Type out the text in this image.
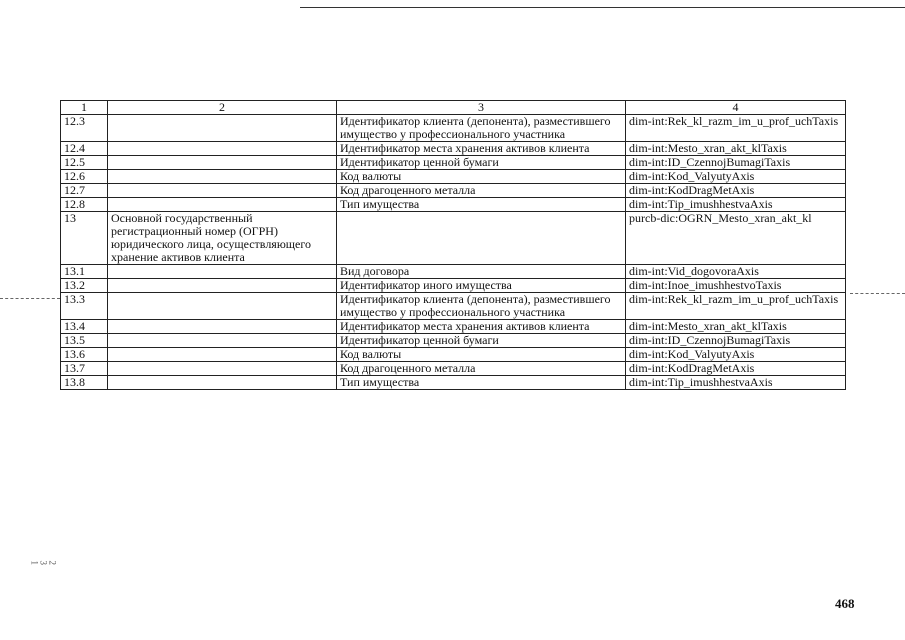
1	2	3	4
12.3		Идентификатор клиента (депонента), разместившего имущество у профессионального участника	dim-int:Rek_kl_razm_im_u_prof_uchTaxis
12.4		Идентификатор места хранения активов клиента	dim-int:Mesto_xran_akt_klTaxis
12.5		Идентификатор ценной бумаги	dim-int:ID_CzennojBumagiTaxis
12.6		Код валюты	dim-int:Kod_ValyutyAxis
12.7		Код драгоценного металла	dim-int:KodDragMetAxis
12.8		Тип имущества	dim-int:Tip_imushhestvaAxis
13	Основной государственный регистрационный номер (ОГРН) юридического лица, осуществляющего хранение активов клиента		purcb-dic:OGRN_Mesto_xran_akt_kl
13.1		Вид договора	dim-int:Vid_dogovoraAxis
13.2		Идентификатор иного имущества	dim-int:Inoe_imushhestvoTaxis
13.3		Идентификатор клиента (депонента), разместившего имущество у профессионального участника	dim-int:Rek_kl_razm_im_u_prof_uchTaxis
13.4		Идентификатор места хранения активов клиента	dim-int:Mesto_xran_akt_klTaxis
13.5		Идентификатор ценной бумаги	dim-int:ID_CzennojBumagiTaxis
13.6		Код валюты	dim-int:Kod_ValyutyAxis
13.7		Код драгоценного металла	dim-int:KodDragMetAxis
13.8		Тип имущества	dim-int:Tip_imushhestvaAxis
2 3 1
468
